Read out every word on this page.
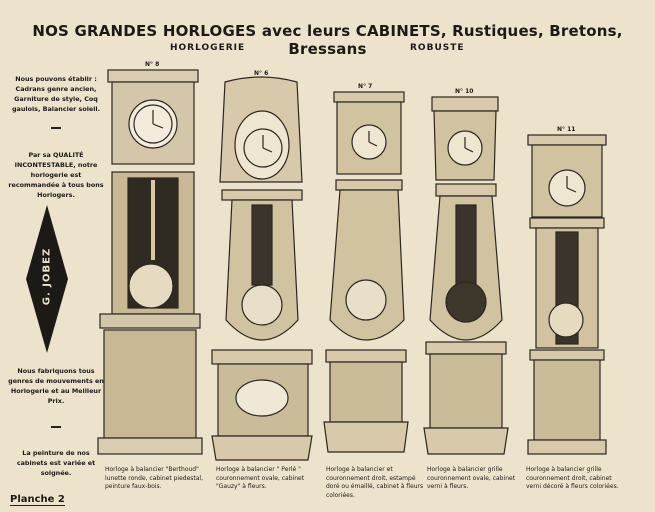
NOS GRANDES HORLOGES avec leurs CABINETS, Rustiques, Bretons, Bressans
HORLOGERIE	ROBUSTE
Nous pouvons établir : Cadrans genre ancien, Garniture de style, Coq gaulois, Balancier soleil.
Par sa QUALITÉ INCONTESTABLE, notre horlogerie est recommandée à tous bons Horlogers.
G. JOBEZ
Nous fabriquons tous genres de mouvements en Horlogerie et au Meilleur Prix.
La peinture de nos cabinets est variée et soignée.
Planche 2
N° 8
N° 6
N° 7
N° 10
N° 11
Horloge à balancier "Berthoud" lunette ronde, cabinet piedestal, peinture faux-bois.
Horloge à balancier " Perlé " couronnement ovale, cabinet "Gauzy" à fleurs.
Horloge à balancier et couronnement droit, estampé doré ou émaillé, cabinet à fleurs coloriées.
Horloge à balancier grille couronnement ovale, cabinet verni à fleurs.
Horloge à balancier grille couronnement droit, cabinet verni décoré à fleurs coloriées.
